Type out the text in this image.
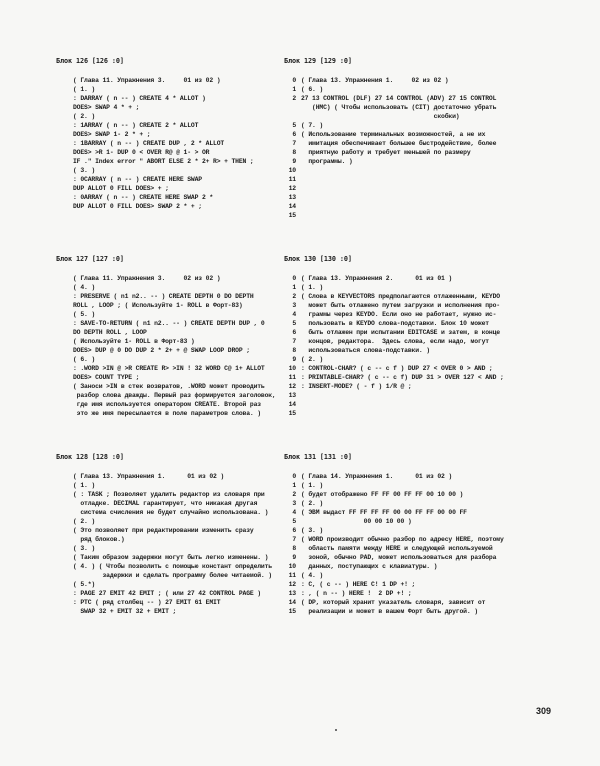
Блок 126 [126 :0]
( Глава 11. Упражнения 3.     01 из 02 )
( 1. )
: DARRAY ( n -- ) CREATE 4 * ALLOT )
DOES> SWAP 4 * + ;
( 2. )
: 1ARRAY ( n -- ) CREATE 2 * ALLOT
DOES> SWAP 1- 2 * + ;
: 1BARRAY ( n -- ) CREATE DUP , 2 * ALLOT
DOES> >R 1- DUP 0 < OVER R@ @ 1- > OR
IF ." Index error " ABORT ELSE 2 * 2+ R> + THEN ;
( 3. )
: 0CARRAY ( n -- ) CREATE HERE SWAP
DUP ALLOT 0 FILL DOES> + ;
: 0ARRAY ( n -- ) CREATE HERE SWAP 2 *
DUP ALLOT 0 FILL DOES> SWAP 2 * + ;
Блок 129 [129 :0]
0 ( Глава 13. Упражнения 1.     02 из 02 )
1 ( 6. )
2 27 13 CONTROL (DLF) 27 14 CONTROL (ADV) 27 15 CONTROL
(HMC) ( Чтобы использовать (CIT) достаточно убрать
скобки)
5 ( 7. )
6 ( Использование терминальных возможностей, а не их
7  имитация обеспечивает большее быстродействие, более
8  приятную работу и требует меньшей по размеру
9  программы. )
10
11
12
13
14
15
Блок 127 [127 :0]
( Глава 11. Упражнения 3.     02 из 02 )
( 4. )
: PRESERVE ( n1 n2.. -- ) CREATE DEPTH 0 DO DEPTH
ROLL , LOOP ; ( Используйте 1- ROLL в Форт-83)
( 5. )
: SAVE-TO-RETURN ( n1 n2.. -- ) CREATE DEPTH DUP , 0
DO DEPTH ROLL , LOOP
( Используйте 1- ROLL в Форт-83 )
DOES> DUP @ 0 DO DUP 2 * 2+ + @ SWAP LOOP DROP ;
( 6. )
: .WORD >IN @ >R CREATE R> >IN ! 32 WORD C@ 1+ ALLOT
DOES> COUNT TYPE ;
( Заноси >IN в стек возвратов, .WORD может проводить
разбор слова дважды. Первый раз формируется заголовок,
где имя используется оператором CREATE. Второй раз
это же имя пересылается в поле параметров слова. )
Блок 130 [130 :0]
0 ( Глава 13. Упражнения 2.      01 из 01 )
1 ( 1. )
2 ( Слова в KEYVECTORS предполагаются отлаженными, KEYDO
3  может быть отлажено путем загрузки и исполнения про-
4  граммы через KEYDO. Если оно не работает, нужно ис-
5  пользовать в KEYDO слова-подставки. Блок 10 может
6  быть отлажен при испытании EDITCASE и затем, в конце
7  концов, редактора.  Здесь слова, если надо, могут
8  использоваться слова-подставки. )
9 ( 2. )
10 : CONTROL-CHAR? ( c -- c f ) DUP 27 < OVER 0 > AND ;
11 : PRINTABLE-CHAR? ( c -- c f) DUP 31 > OVER 127 < AND ;
12 : INSERT-MODE? ( - f ) 1/R @ ;
13
14
15
Блок 128 [128 :0]
( Глава 13. Упражнения 1.      01 из 02 )
( 1. )
( : TASK ; Позволяет удалить редактор из словаря при
отладке. DECIMAL гарантирует, что никакая другая
система счисления не будет случайно использована. )
( 2. )
( Это позволяет при редактировании изменить сразу
ряд блоков.)
( 3. )
( Таким образом задержки могут быть легко изменены. )
( 4. ) ( Чтобы позволить с помощью констант определить
задержки и сделать программу более читаемой. )
( 5.*)
: PAGE 27 EMIT 42 EMIT ; ( или 27 42 CONTROL PAGE )
: PTC ( ряд столбец -- ) 27 EMIT 61 EMIT
SWAP 32 + EMIT 32 + EMIT ;
Блок 131 [131 :0]
0 ( Глава 14. Упражнения 1.      01 из 02 )
1 ( 1. )
2 ( будет отображено FF FF 00 FF FF 00 10 00 )
3 ( 2. )
4 ( ЭВМ выдаст FF FF FF FF 00 00 FF FF 00 00 FF
5                 00 00 10 00 )
6 ( 3. )
7 ( WORD производит обычно разбор по адресу HERE, поэтому
8  область памяти между HERE и следующей используемой
9  зоной, обычно PAD, может использоваться для разбора
10  данных, поступающих с клавиатуры. )
11 ( 4. )
12 : C, ( c -- ) HERE C! 1 DP +! ;
13 : , ( n -- ) HERE !  2 DP +! ;
14 ( DP, который хранит указатель словаря, зависит от
15  реализации и может в вашем Форт быть другой. )
309
